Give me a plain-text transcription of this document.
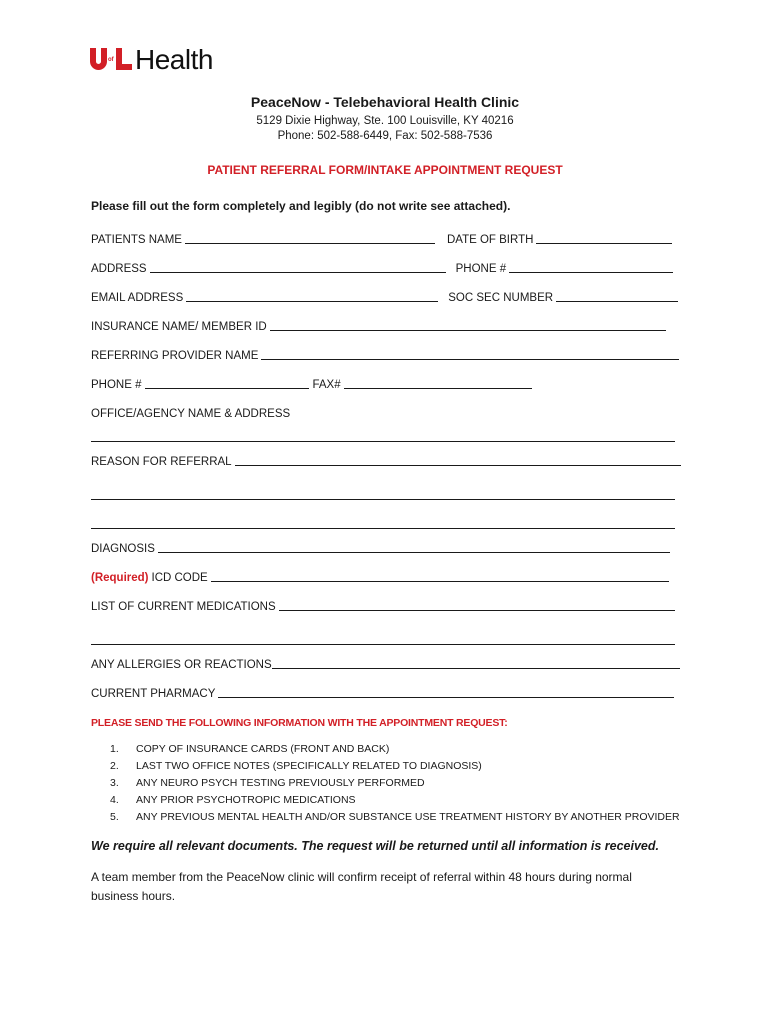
of Health
PeaceNow - Telebehavioral Health Clinic
5129 Dixie Highway, Ste. 100 Louisville, KY 40216
Phone: 502-588-6449, Fax: 502-588-7536
PATIENT REFERRAL FORM/INTAKE APPOINTMENT REQUEST
Please fill out the form completely and legibly (do not write see attached).
PATIENTS NAME	DATE OF BIRTH
ADDRESS	PHONE #
EMAIL ADDRESS	SOC SEC NUMBER
INSURANCE NAME/ MEMBER ID
REFERRING PROVIDER NAME
PHONE #	FAX#
OFFICE/AGENCY NAME & ADDRESS
REASON FOR REFERRAL
DIAGNOSIS
(Required) ICD CODE
LIST OF CURRENT MEDICATIONS
ANY ALLERGIES OR REACTIONS
CURRENT PHARMACY
PLEASE SEND THE FOLLOWING INFORMATION WITH THE APPOINTMENT REQUEST:
1.	COPY OF INSURANCE CARDS (FRONT AND BACK)
2.	LAST TWO OFFICE NOTES (SPECIFICALLY RELATED TO DIAGNOSIS)
3.	ANY NEURO PSYCH TESTING PREVIOUSLY PERFORMED
4.	ANY PRIOR PSYCHOTROPIC MEDICATIONS
5.	ANY PREVIOUS MENTAL HEALTH AND/OR SUBSTANCE USE TREATMENT HISTORY BY ANOTHER PROVIDER
We require all relevant documents. The request will be returned until all information is received.
A team member from the PeaceNow clinic will confirm receipt of referral within 48 hours during normal business hours.
